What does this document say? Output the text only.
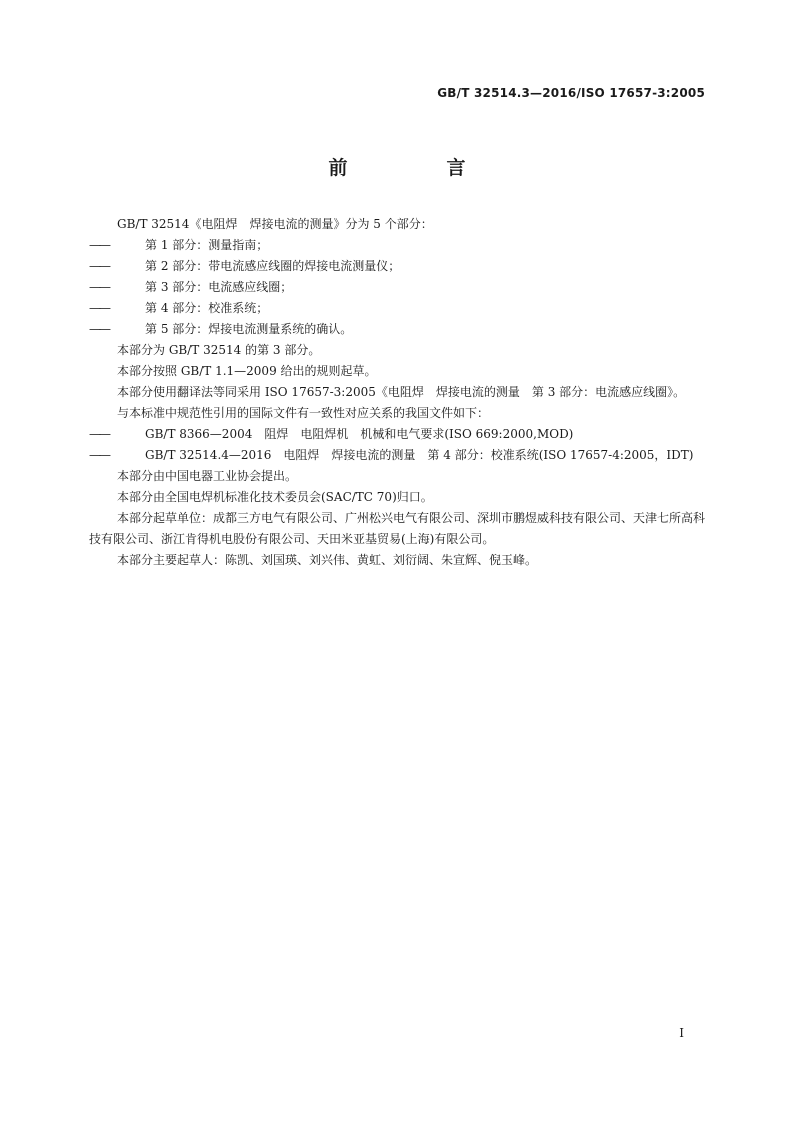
GB/T 32514.3—2016/ISO 17657-3:2005
前　言

GB/T 32514《电阻焊　焊接电流的测量》分为 5 个部分：

——	第 1 部分：测量指南；

——	第 2 部分：带电流感应线圈的焊接电流测量仪；

——	第 3 部分：电流感应线圈；

——	第 4 部分：校准系统；

——	第 5 部分：焊接电流测量系统的确认。

本部分为 GB/T 32514 的第 3 部分。

本部分按照 GB/T 1.1—2009 给出的规则起草。

本部分使用翻译法等同采用 ISO 17657-3:2005《电阻焊　焊接电流的测量　第 3 部分：电流感应线圈》。

与本标准中规范性引用的国际文件有一致性对应关系的我国文件如下：

——	GB/T 8366—2004　阻焊　电阻焊机　机械和电气要求(ISO 669:2000,MOD)

——	GB/T 32514.4—2016　电阻焊　焊接电流的测量　第 4 部分：校准系统(ISO 17657-4:2005，IDT)

本部分由中国电器工业协会提出。

本部分由全国电焊机标准化技术委员会(SAC/TC 70)归口。

本部分起草单位：成都三方电气有限公司、广州松兴电气有限公司、深圳市鹏煜威科技有限公司、天津七所高科技有限公司、浙江肯得机电股份有限公司、天田米亚基贸易(上海)有限公司。

本部分主要起草人：陈凯、刘国瑛、刘兴伟、黄虹、刘衍阔、朱宣辉、倪玉峰。

I
